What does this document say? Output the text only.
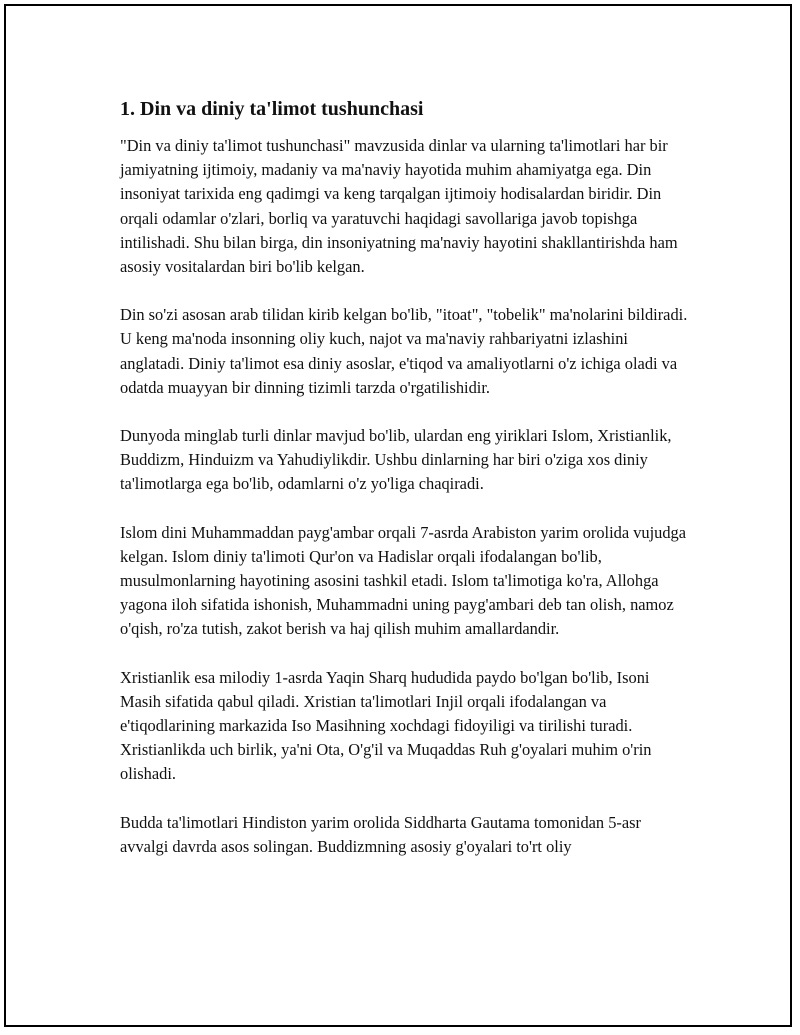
1. Din va diniy ta'limot tushunchasi

"Din va diniy ta'limot tushunchasi" mavzusida dinlar va ularning ta'limotlari har bir jamiyatning ijtimoiy, madaniy va ma'naviy hayotida muhim ahamiyatga ega. Din insoniyat tarixida eng qadimgi va keng tarqalgan ijtimoiy hodisalardan biridir. Din orqali odamlar o'zlari, borliq va yaratuvchi haqidagi savollariga javob topishga intilishadi. Shu bilan birga, din insoniyatning ma'naviy hayotini shakllantirishda ham asosiy vositalardan biri bo'lib kelgan.

Din so'zi asosan arab tilidan kirib kelgan bo'lib, "itoat", "tobelik" ma'nolarini bildiradi. U keng ma'noda insonning oliy kuch, najot va ma'naviy rahbariyatni izlashini anglatadi. Diniy ta'limot esa diniy asoslar, e'tiqod va amaliyotlarni o'z ichiga oladi va odatda muayyan bir dinning tizimli tarzda o'rgatilishidir.

Dunyoda minglab turli dinlar mavjud bo'lib, ulardan eng yiriklari Islom, Xristianlik, Buddizm, Hinduizm va Yahudiylikdir. Ushbu dinlarning har biri o'ziga xos diniy ta'limotlarga ega bo'lib, odamlarni o'z yo'liga chaqiradi.

Islom dini Muhammaddan payg'ambar orqali 7-asrda Arabiston yarim orolida vujudga kelgan. Islom diniy ta'limoti Qur'on va Hadislar orqali ifodalangan bo'lib, musulmonlarning hayotining asosini tashkil etadi. Islom ta'limotiga ko'ra, Allohga yagona iloh sifatida ishonish, Muhammadni uning payg'ambari deb tan olish, namoz o'qish, ro'za tutish, zakot berish va haj qilish muhim amallardandir.

Xristianlik esa milodiy 1-asrda Yaqin Sharq hududida paydo bo'lgan bo'lib, Isoni Masih sifatida qabul qiladi. Xristian ta'limotlari Injil orqali ifodalangan va e'tiqodlarining markazida Iso Masihning xochdagi fidoyiligi va tirilishi turadi. Xristianlikda uch birlik, ya'ni Ota, O'g'il va Muqaddas Ruh g'oyalari muhim o'rin olishadi.

Budda ta'limotlari Hindiston yarim orolida Siddharta Gautama tomonidan 5-asr avvalgi davrda asos solingan. Buddizmning asosiy g'oyalari to'rt oliy
